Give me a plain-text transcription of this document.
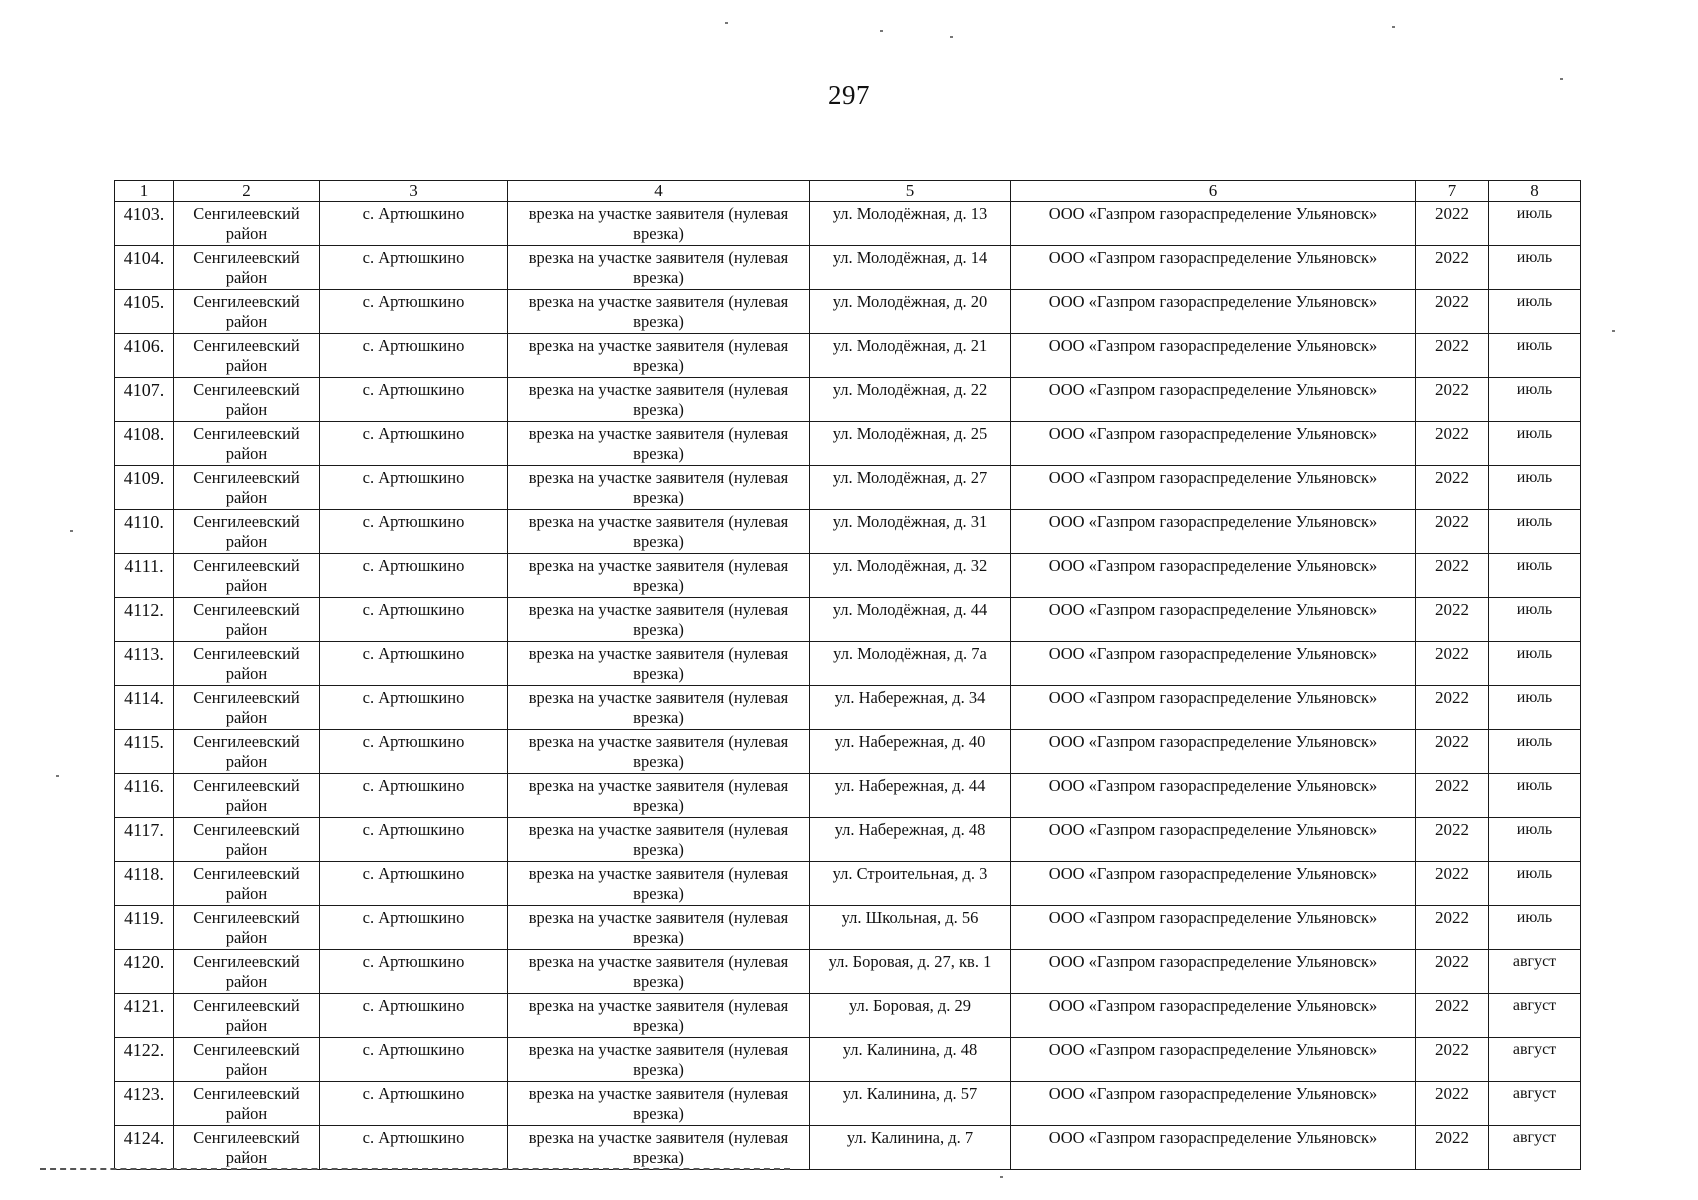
297
1	2	3	4	5	6	7	8
4103.	Сенгилеевский район	с. Артюшкино	врезка на участке заявителя (нулевая врезка)	ул. Молодёжная, д. 13	ООО «Газпром газораспределение Ульяновск»	2022	июль
4104.	Сенгилеевский район	с. Артюшкино	врезка на участке заявителя (нулевая врезка)	ул. Молодёжная, д. 14	ООО «Газпром газораспределение Ульяновск»	2022	июль
4105.	Сенгилеевский район	с. Артюшкино	врезка на участке заявителя (нулевая врезка)	ул. Молодёжная, д. 20	ООО «Газпром газораспределение Ульяновск»	2022	июль
4106.	Сенгилеевский район	с. Артюшкино	врезка на участке заявителя (нулевая врезка)	ул. Молодёжная, д. 21	ООО «Газпром газораспределение Ульяновск»	2022	июль
4107.	Сенгилеевский район	с. Артюшкино	врезка на участке заявителя (нулевая врезка)	ул. Молодёжная, д. 22	ООО «Газпром газораспределение Ульяновск»	2022	июль
4108.	Сенгилеевский район	с. Артюшкино	врезка на участке заявителя (нулевая врезка)	ул. Молодёжная, д. 25	ООО «Газпром газораспределение Ульяновск»	2022	июль
4109.	Сенгилеевский район	с. Артюшкино	врезка на участке заявителя (нулевая врезка)	ул. Молодёжная, д. 27	ООО «Газпром газораспределение Ульяновск»	2022	июль
4110.	Сенгилеевский район	с. Артюшкино	врезка на участке заявителя (нулевая врезка)	ул. Молодёжная, д. 31	ООО «Газпром газораспределение Ульяновск»	2022	июль
4111.	Сенгилеевский район	с. Артюшкино	врезка на участке заявителя (нулевая врезка)	ул. Молодёжная, д. 32	ООО «Газпром газораспределение Ульяновск»	2022	июль
4112.	Сенгилеевский район	с. Артюшкино	врезка на участке заявителя (нулевая врезка)	ул. Молодёжная, д. 44	ООО «Газпром газораспределение Ульяновск»	2022	июль
4113.	Сенгилеевский район	с. Артюшкино	врезка на участке заявителя (нулевая врезка)	ул. Молодёжная, д. 7а	ООО «Газпром газораспределение Ульяновск»	2022	июль
4114.	Сенгилеевский район	с. Артюшкино	врезка на участке заявителя (нулевая врезка)	ул. Набережная, д. 34	ООО «Газпром газораспределение Ульяновск»	2022	июль
4115.	Сенгилеевский район	с. Артюшкино	врезка на участке заявителя (нулевая врезка)	ул. Набережная, д. 40	ООО «Газпром газораспределение Ульяновск»	2022	июль
4116.	Сенгилеевский район	с. Артюшкино	врезка на участке заявителя (нулевая врезка)	ул. Набережная, д. 44	ООО «Газпром газораспределение Ульяновск»	2022	июль
4117.	Сенгилеевский район	с. Артюшкино	врезка на участке заявителя (нулевая врезка)	ул. Набережная, д. 48	ООО «Газпром газораспределение Ульяновск»	2022	июль
4118.	Сенгилеевский район	с. Артюшкино	врезка на участке заявителя (нулевая врезка)	ул. Строительная, д. 3	ООО «Газпром газораспределение Ульяновск»	2022	июль
4119.	Сенгилеевский район	с. Артюшкино	врезка на участке заявителя (нулевая врезка)	ул. Школьная, д. 56	ООО «Газпром газораспределение Ульяновск»	2022	июль
4120.	Сенгилеевский район	с. Артюшкино	врезка на участке заявителя (нулевая врезка)	ул. Боровая, д. 27, кв. 1	ООО «Газпром газораспределение Ульяновск»	2022	август
4121.	Сенгилеевский район	с. Артюшкино	врезка на участке заявителя (нулевая врезка)	ул. Боровая, д. 29	ООО «Газпром газораспределение Ульяновск»	2022	август
4122.	Сенгилеевский район	с. Артюшкино	врезка на участке заявителя (нулевая врезка)	ул. Калинина, д. 48	ООО «Газпром газораспределение Ульяновск»	2022	август
4123.	Сенгилеевский район	с. Артюшкино	врезка на участке заявителя (нулевая врезка)	ул. Калинина, д. 57	ООО «Газпром газораспределение Ульяновск»	2022	август
4124.	Сенгилеевский район	с. Артюшкино	врезка на участке заявителя (нулевая врезка)	ул. Калинина, д. 7	ООО «Газпром газораспределение Ульяновск»	2022	август
